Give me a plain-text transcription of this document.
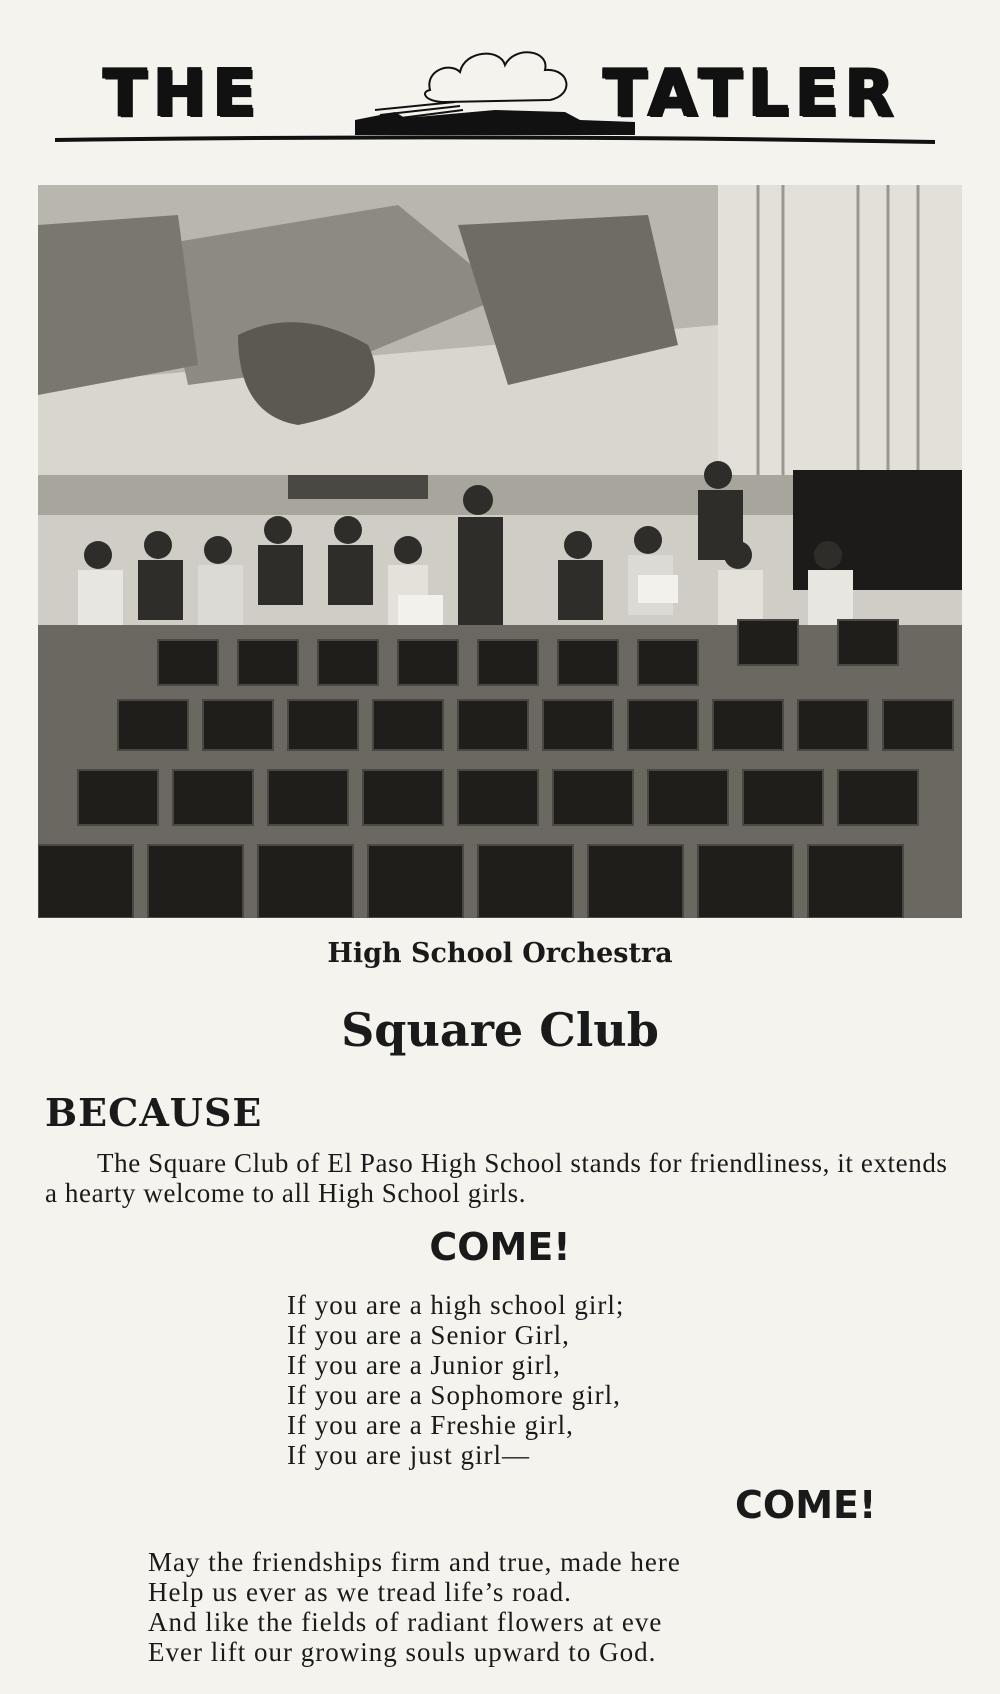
THE	TATLER
High School Orchestra
Square Club
BECAUSE
The Square Club of El Paso High School stands for friendliness, it extends a hearty welcome to all High School girls.
COME!
If you are a high school girl;
If you are a Senior Girl,
If you are a Junior girl,
If you are a Sophomore girl,
If you are a Freshie girl,
If you are just girl—
COME!
May the friendships firm and true, made here
Help us ever as we tread life’s road.
And like the fields of radiant flowers at eve
Ever lift our growing souls upward to God.
